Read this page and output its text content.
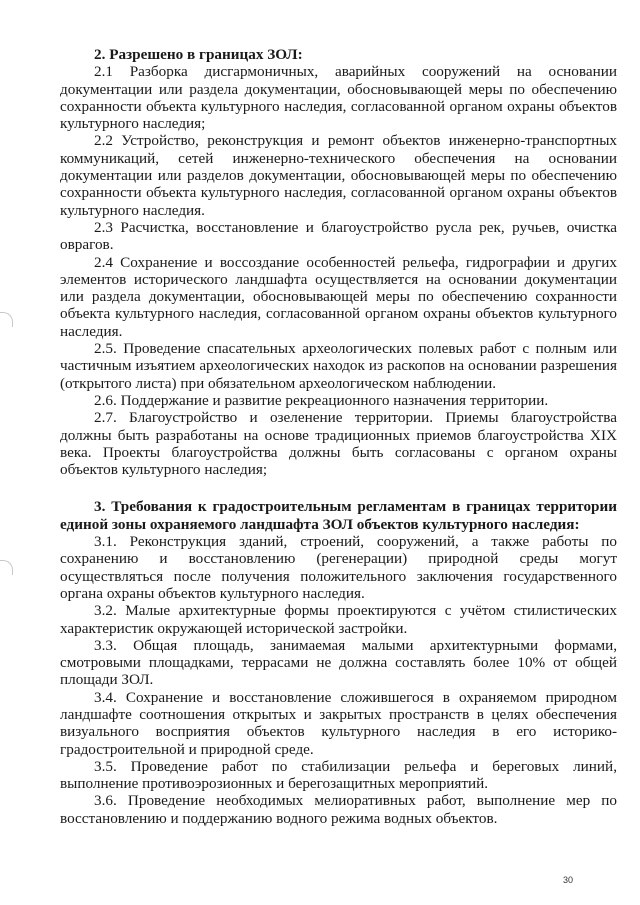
2. Разрешено в границах ЗОЛ:

2.1 Разборка дисгармоничных, аварийных сооружений на основании документации или раздела документации, обосновывающей меры по обеспечению сохранности объекта культурного наследия, согласованной органом охраны объектов культурного наследия;

2.2 Устройство, реконструкция и ремонт объектов инженерно-транспортных коммуникаций, сетей инженерно-технического обеспечения на основании документации или разделов документации, обосновывающей меры по обеспечению сохранности объекта культурного наследия, согласованной органом охраны объектов культурного наследия.

2.3 Расчистка, восстановление и благоустройство русла рек, ручьев, очистка оврагов.

2.4 Сохранение и воссоздание особенностей рельефа, гидрографии и других элементов исторического ландшафта осуществляется на основании документации или раздела документации, обосновывающей меры по обеспечению сохранности объекта культурного наследия, согласованной органом охраны объектов культурного наследия.

2.5. Проведение спасательных археологических полевых работ с полным или частичным изъятием археологических находок из раскопов на основании разрешения (открытого листа) при обязательном археологическом наблюдении.

2.6. Поддержание и развитие рекреационного назначения территории.

2.7. Благоустройство и озеленение территории. Приемы благоустройства должны быть разработаны на основе традиционных приемов благоустройства XIX века. Проекты благоустройства должны быть согласованы с органом охраны объектов культурного наследия;

3. Требования к градостроительным регламентам в границах территории единой зоны охраняемого ландшафта ЗОЛ объектов культурного наследия:

3.1. Реконструкция зданий, строений, сооружений, а также работы по сохранению и восстановлению (регенерации) природной среды могут осуществляться после получения положительного заключения государственного органа охраны объектов культурного наследия.

3.2. Малые архитектурные формы проектируются с учётом стилистических характеристик окружающей исторической застройки.

3.3. Общая площадь, занимаемая малыми архитектурными формами, смотровыми площадками, террасами не должна составлять более 10% от общей площади ЗОЛ.

3.4. Сохранение и восстановление сложившегося в охраняемом природном ландшафте соотношения открытых и закрытых пространств в целях обеспечения визуального восприятия объектов культурного наследия в его историко-градостроительной и природной среде.

3.5. Проведение работ по стабилизации рельефа и береговых линий, выполнение противоэрозионных и берегозащитных мероприятий.

3.6. Проведение необходимых мелиоративных работ, выполнение мер по восстановлению и поддержанию водного режима водных объектов.

30
